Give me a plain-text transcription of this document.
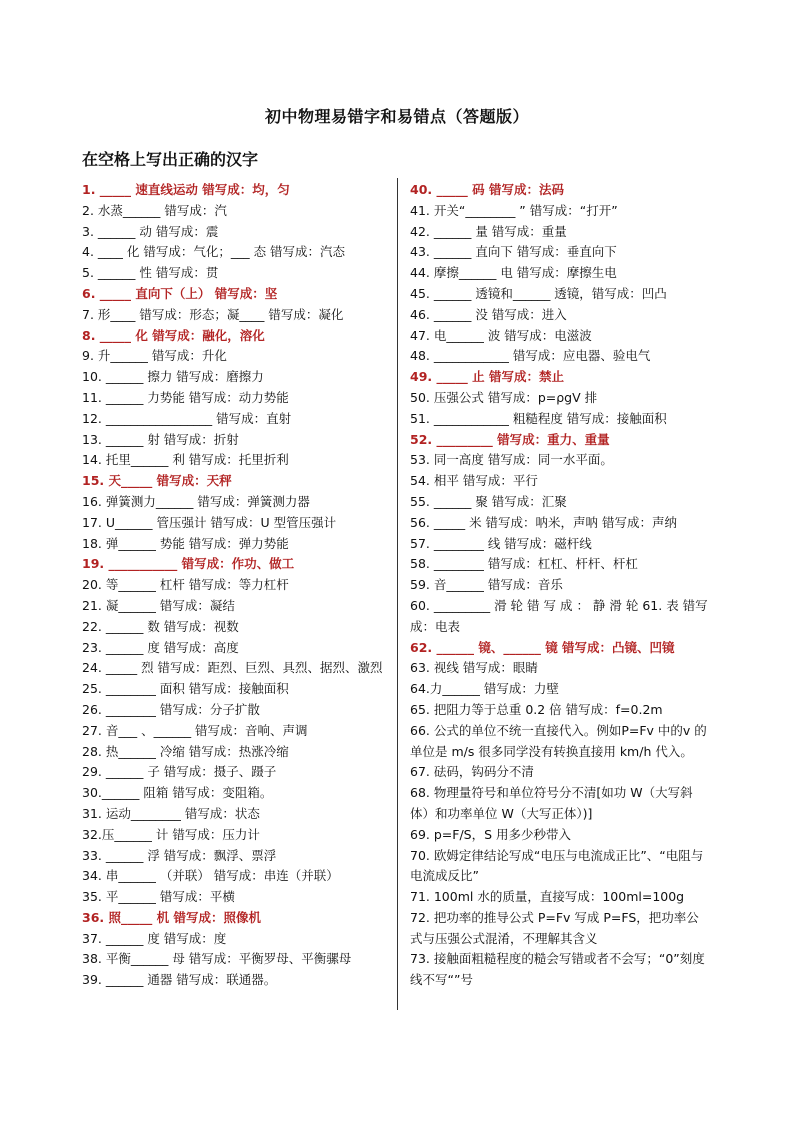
初中物理易错字和易错点（答题版）
在空格上写出正确的汉字
1. _____ 速直线运动 错写成：均，匀
2. 水蒸______ 错写成：汽
3. ______ 动 错写成：震
4. ____ 化 错写成：气化；___ 态 错写成：汽态
5. ______ 性 错写成：贯
6. _____ 直向下（上） 错写成：坚
7. 形____ 错写成：形态；凝____ 错写成：凝化
8. _____ 化 错写成：融化，溶化
9. 升______ 错写成：升化
10. ______ 擦力 错写成：磨擦力
11. ______ 力势能 错写成：动力势能
12. _________________ 错写成：直射
13. ______ 射 错写成：折射
14. 托里______ 利 错写成：托里折利
15. 天_____ 错写成：天秤
16. 弹簧测力______ 错写成：弹簧测力器
17. U______ 管压强计 错写成：U 型管压强计
18. 弹______ 势能 错写成：弹力势能
19. ___________ 错写成：作功、做工
20. 等______ 杠杆 错写成：等力杠杆
21. 凝______ 错写成：凝结
22. ______ 数 错写成：视数
23. ______ 度 错写成：高度
24. _____ 烈 错写成：距烈、巨烈、具烈、据烈、激烈
25. ________ 面积 错写成：接触面积
26. ________ 错写成：分子扩散
27. 音___ 、______ 错写成：音响、声调
28. 热______ 冷缩 错写成：热涨冷缩
29. ______ 子 错写成：摄子、蹑子
30.______ 阻箱 错写成：变阻箱。
31. 运动________ 错写成：状态
32.压______ 计 错写成：压力计
33. ______ 浮 错写成：飘浮、票浮
34. 串______ （并联） 错写成：串连（并联）
35. 平______ 错写成：平横
36. 照_____ 机 错写成：照像机
37. ______ 度 错写成：度
38. 平衡______ 母 错写成：平衡罗母、平衡骡母
39. ______ 通器 错写成：联通器。
40. _____ 码 错写成：法码
41. 开关“________ ” 错写成：“打开”
42. ______ 量 错写成：重量
43. ______ 直向下 错写成：垂直向下
44. 摩擦______ 电 错写成：摩擦生电
45. ______ 透镜和______ 透镜，错写成：凹凸
46. ______ 没 错写成：进入
47. 电______ 波 错写成：电滋波
48. ____________ 错写成：应电器、验电气
49. _____ 止 错写成：禁止
50. 压强公式 错写成：p=ρgV 排
51. ____________ 粗糙程度 错写成：接触面积
52. _________ 错写成：重力、重量
53. 同一高度 错写成：同一水平面。
54. 相平 错写成：平行
55. ______ 聚 错写成：汇聚
56. _____ 米 错写成：呐米，声呐 错写成：声纳
57. ________ 线 错写成：磁杆线
58. ________ 错写成：杠杠、杆杆、杆杠
59. 音______ 错写成：音乐
60. _________ 滑 轮 错 写 成 ： 静 滑 轮 61. 表 错写成：电表
62. ______ 镜、______ 镜 错写成：凸镜、凹镜
63. 视线 错写成：眼睛
64.力______ 错写成：力壁
65. 把阻力等于总重 0.2 倍 错写成：f=0.2m
66. 公式的单位不统一直接代入。例如P=Fv 中的v 的单位是 m/s 很多同学没有转换直接用 km/h 代入。
67. 砝码，钩码分不清
68. 物理量符号和单位符号分不清[如功 W（大写斜体）和功率单位 W（大写正体）)]
69. p=F/S，S 用多少秒带入
70. 欧姆定律结论写成“电压与电流成正比”、“电阻与电流成反比”
71. 100ml 水的质量，直接写成：100ml=100g
72. 把功率的推导公式 P=Fv 写成 P=FS，把功率公式与压强公式混淆，不理解其含义
73. 接触面粗糙程度的糙会写错或者不会写；“0”刻度线不写“”号
